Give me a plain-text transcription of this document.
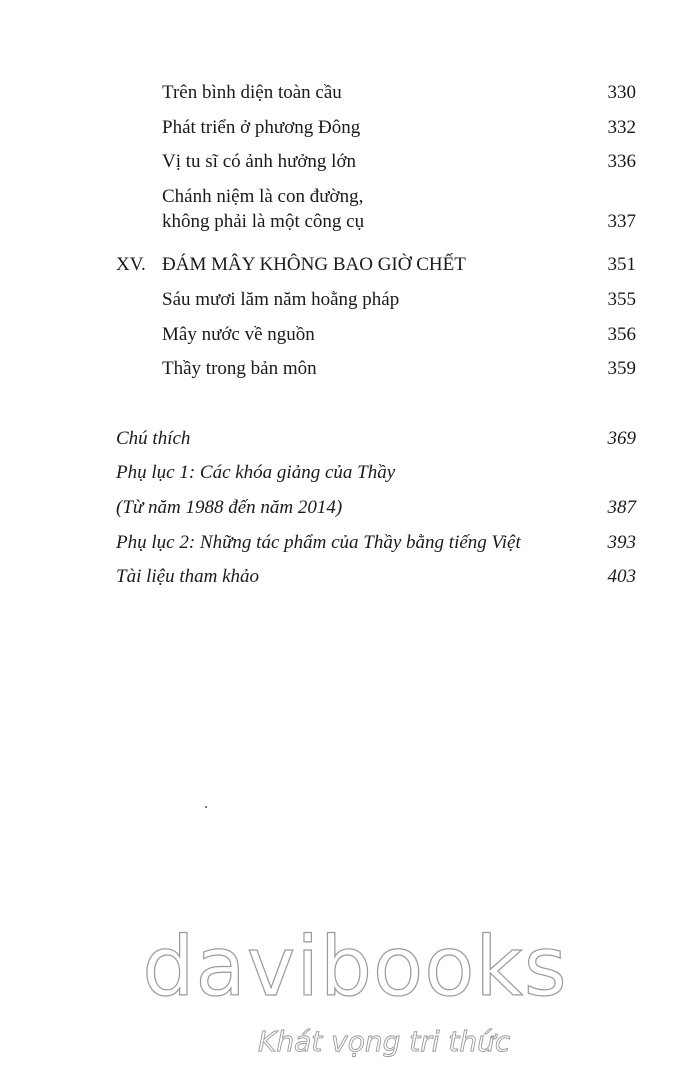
Trên bình diện toàn cầu	330
Phát triển ở phương Đông	332
Vị tu sĩ có ảnh hưởng lớn	336
Chánh niệm là con đường,
không phải là một công cụ	337
XV. ĐÁM MÂY KHÔNG BAO GIỜ CHẾT	351
Sáu mươi lăm năm hoằng pháp	355
Mây nước về nguồn	356
Thầy trong bản môn	359
Chú thích	369
Phụ lục 1: Các khóa giảng của Thầy
(Từ năm 1988 đến năm 2014)	387
Phụ lục 2: Những tác phẩm của Thầy bằng tiếng Việt	393
Tài liệu tham khảo	403
davibooks
Khát vọng tri thức
